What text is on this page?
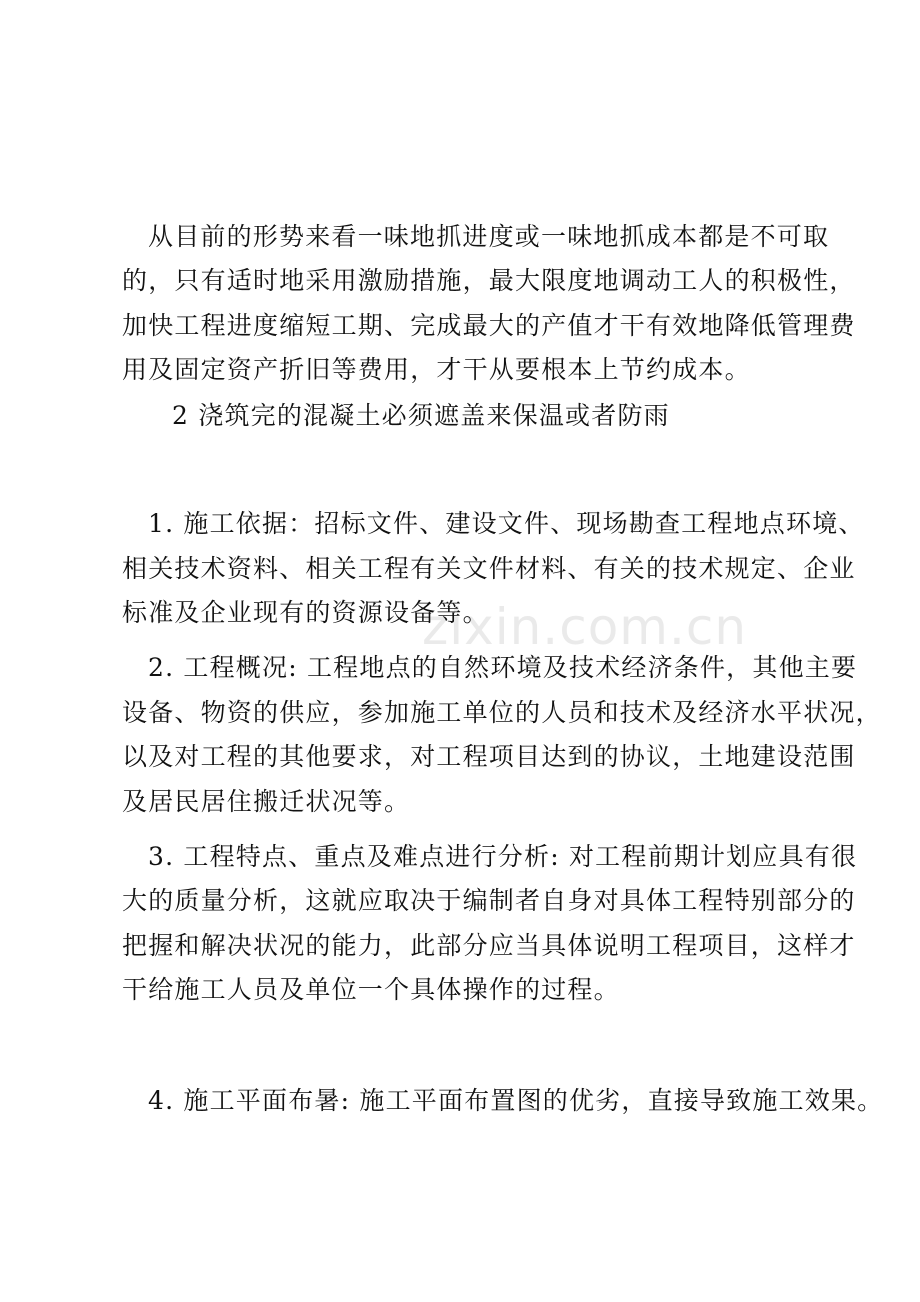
zixin.com.cn
从目前的形势来看一味地抓进度或一味地抓成本都是不可取
的，只有适时地采用激励措施，最大限度地调动工人的积极性，
加快工程进度缩短工期、完成最大的产值才干有效地降低管理费
用及固定资产折旧等费用，才干从要根本上节约成本。
2 浇筑完的混凝土必须遮盖来保温或者防雨
1. 施工依据：招标文件、建设文件、现场勘查工程地点环境、
相关技术资料、相关工程有关文件材料、有关的技术规定、企业
标准及企业现有的资源设备等。
2. 工程概况: 工程地点的自然环境及技术经济条件，其他主要
设备、物资的供应，参加施工单位的人员和技术及经济水平状况，
以及对工程的其他要求，对工程项目达到的协议，土地建设范围
及居民居住搬迁状况等。
3. 工程特点、重点及难点进行分析: 对工程前期计划应具有很
大的质量分析，这就应取决于编制者自身对具体工程特别部分的
把握和解决状况的能力，此部分应当具体说明工程项目，这样才
干给施工人员及单位一个具体操作的过程。
4. 施工平面布暑: 施工平面布置图的优劣，直接导致施工效果。
